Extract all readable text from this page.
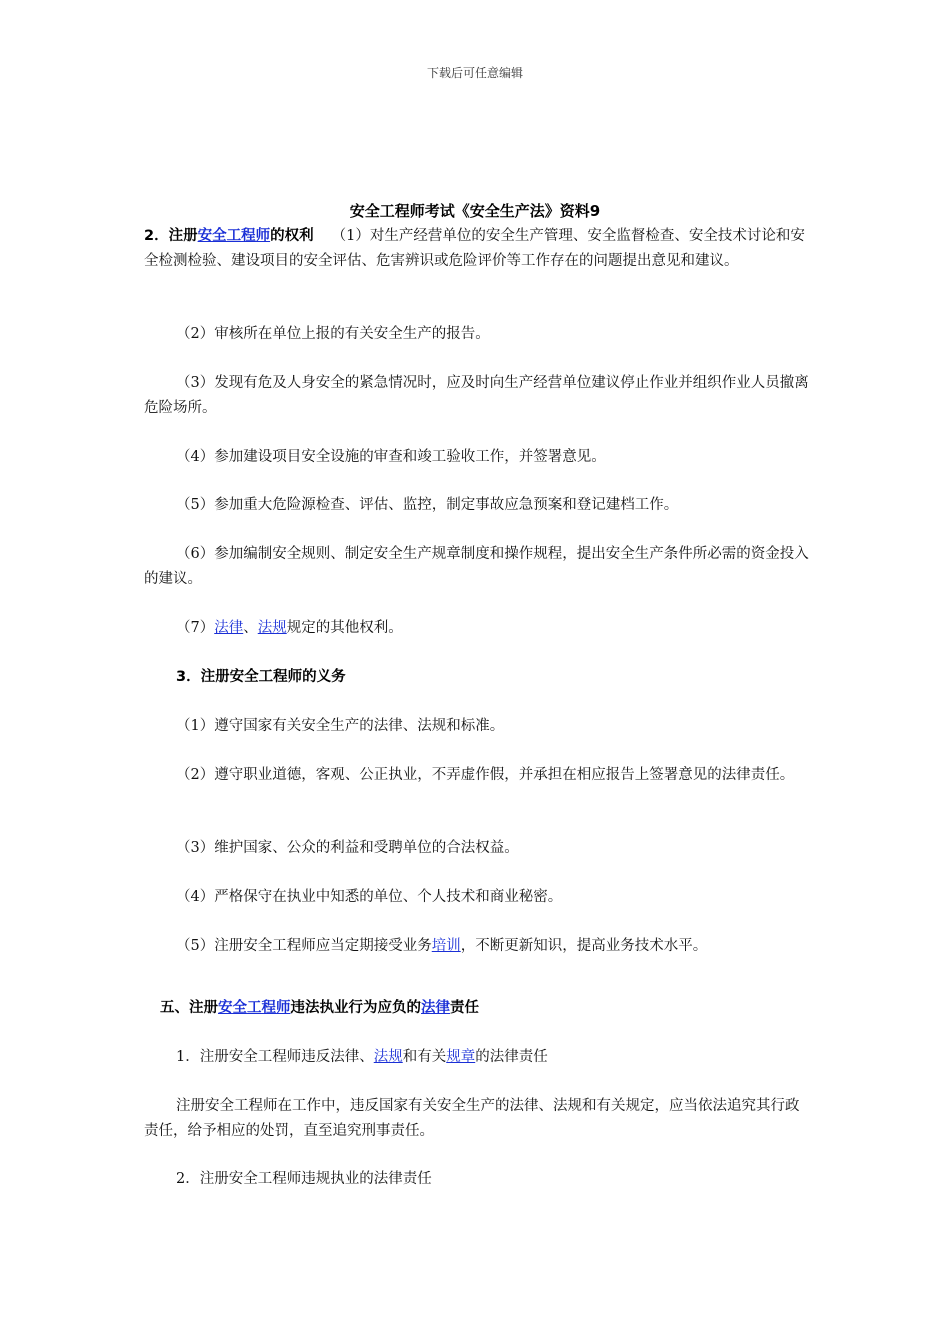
下载后可任意编辑
安全工程师考试《安全生产法》资料9
2．注册安全工程师的权利 （1）对生产经营单位的安全生产管理、安全监督检查、安全技术讨论和安全检测检验、建设项目的安全评估、危害辨识或危险评价等工作存在的问题提出意见和建议。
（2）审核所在单位上报的有关安全生产的报告。
（3）发现有危及人身安全的紧急情况时，应及时向生产经营单位建议停止作业并组织作业人员撤离危险场所。
（4）参加建设项目安全设施的审查和竣工验收工作，并签署意见。
（5）参加重大危险源检查、评估、监控，制定事故应急预案和登记建档工作。
（6）参加编制安全规则、制定安全生产规章制度和操作规程，提出安全生产条件所必需的资金投入的建议。
（7）法律、法规规定的其他权利。
3．注册安全工程师的义务
（1）遵守国家有关安全生产的法律、法规和标准。
（2）遵守职业道德，客观、公正执业，不弄虚作假，并承担在相应报告上签署意见的法律责任。
（3）维护国家、公众的利益和受聘单位的合法权益。
（4）严格保守在执业中知悉的单位、个人技术和商业秘密。
（5）注册安全工程师应当定期接受业务培训，不断更新知识，提高业务技术水平。
五、注册安全工程师违法执业行为应负的法律责任
1．注册安全工程师违反法律、法规和有关规章的法律责任
注册安全工程师在工作中，违反国家有关安全生产的法律、法规和有关规定，应当依法追究其行政责任，给予相应的处罚，直至追究刑事责任。
2．注册安全工程师违规执业的法律责任
